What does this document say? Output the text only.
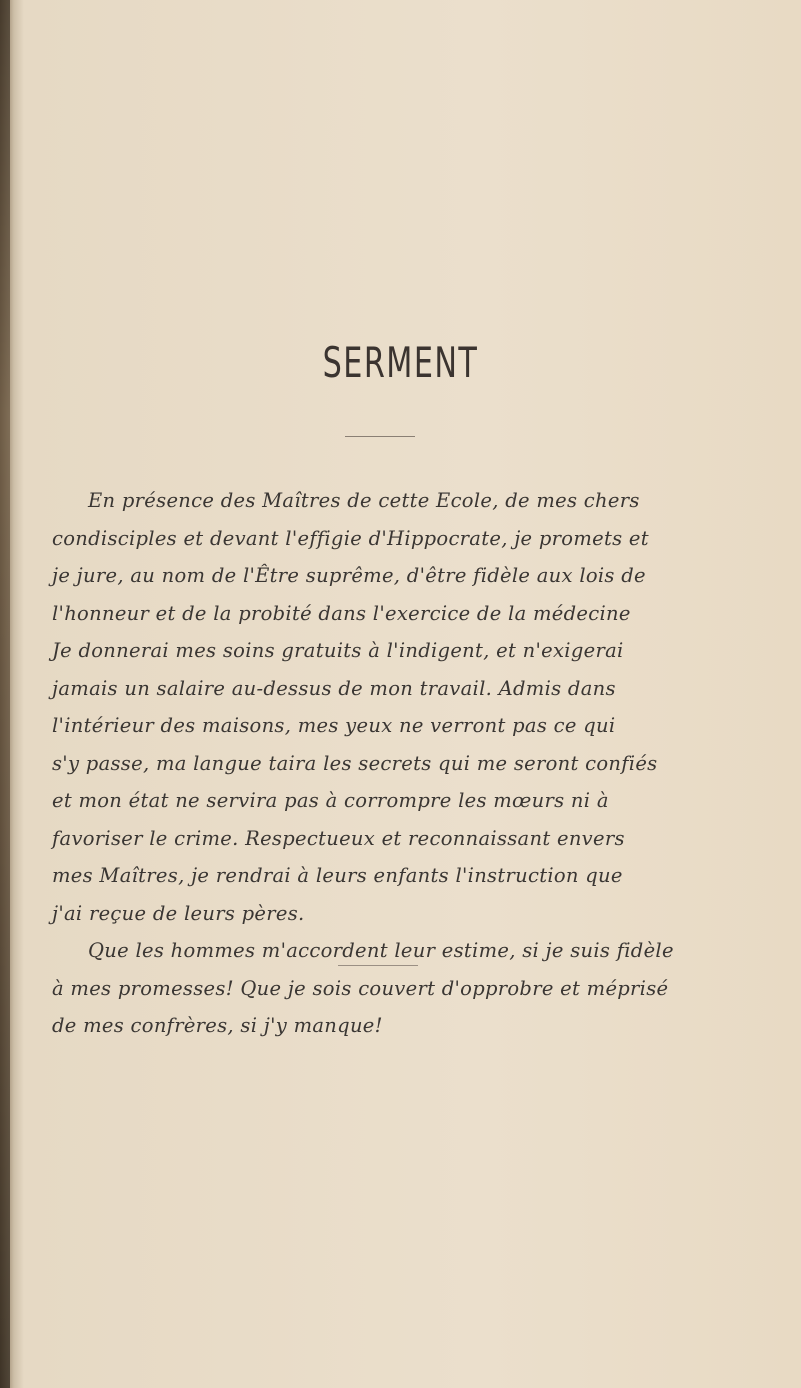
SERMENT

En présence des Maîtres de cette Ecole, de mes chers
condisciples et devant l'effigie d'Hippocrate, je promets et
je jure, au nom de l'Être suprême, d'être fidèle aux lois de
l'honneur et de la probité dans l'exercice de la médecine
Je donnerai mes soins gratuits à l'indigent, et n'exigerai
jamais un salaire au-dessus de mon travail. Admis dans
l'intérieur des maisons, mes yeux ne verront pas ce qui
s'y passe, ma langue taira les secrets qui me seront confiés
et mon état ne servira pas à corrompre les mœurs ni à
favoriser le crime. Respectueux et reconnaissant envers
mes Maîtres, je rendrai à leurs enfants l'instruction que
j'ai reçue de leurs pères.

Que les hommes m'accordent leur estime, si je suis fidèle
à mes promesses! Que je sois couvert d'opprobre et méprisé
de mes confrères, si j'y manque!
